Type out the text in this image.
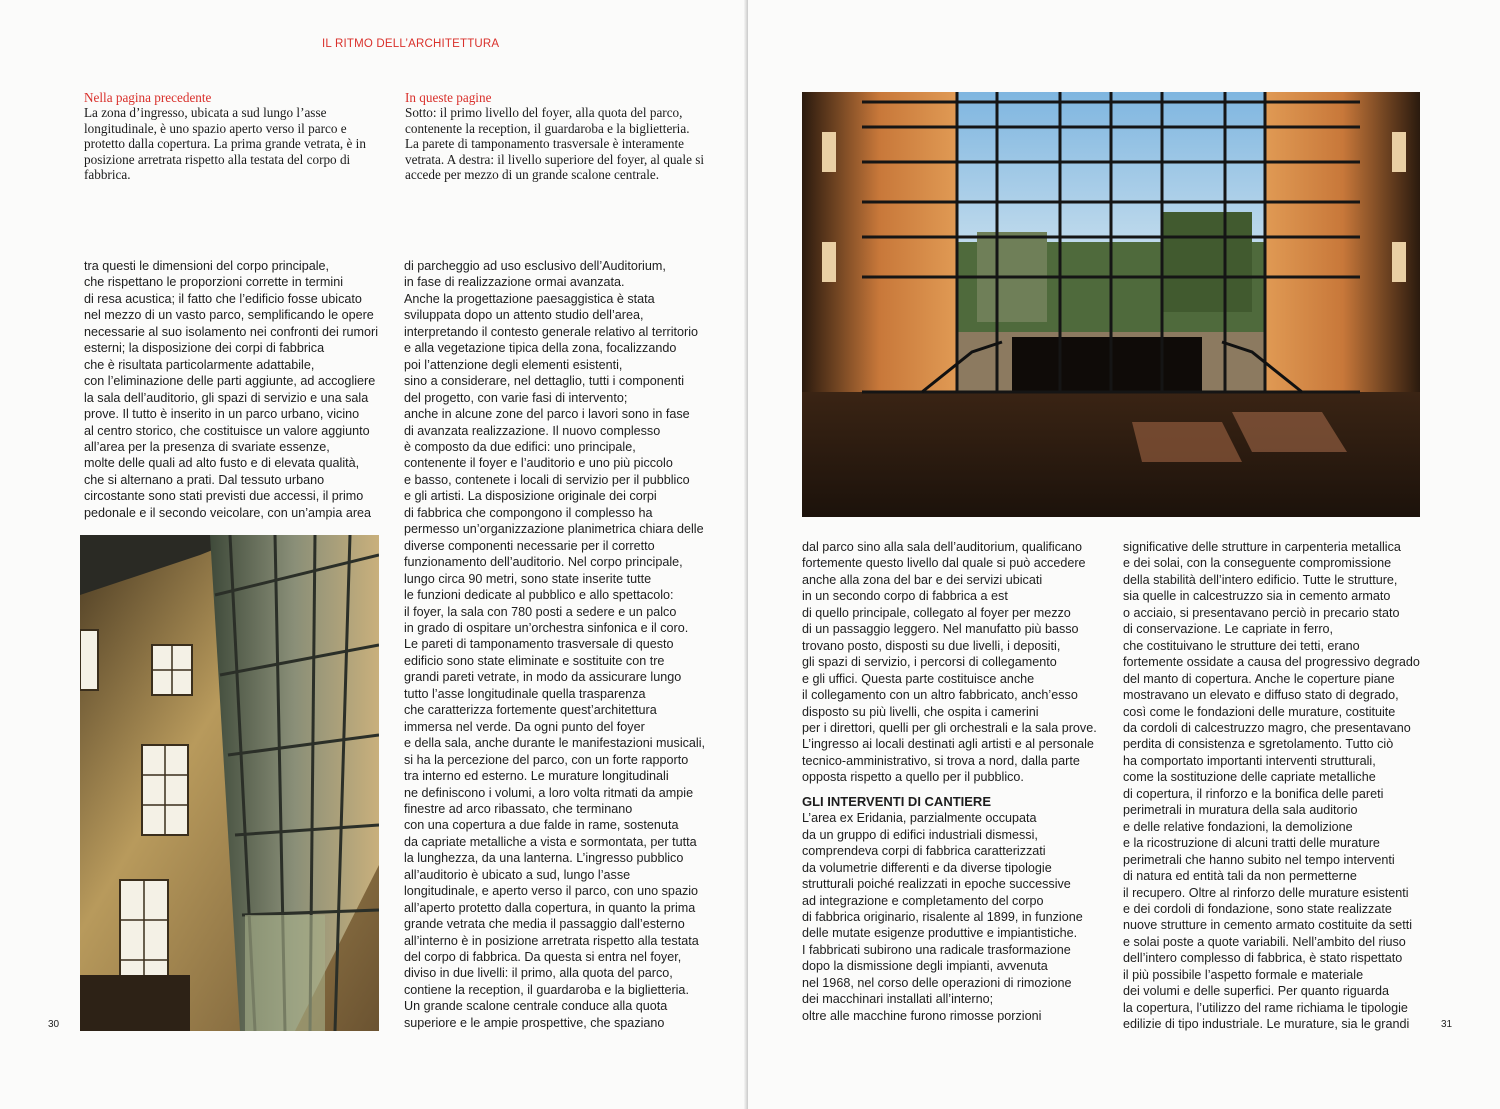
IL RITMO DELL’ARCHITETTURA
Nella pagina precedente

La zona d’ingresso, ubicata a sud lungo l’asse longitudinale, è uno spazio aperto verso il parco e protetto dalla copertura. La prima grande vetrata, è in posizione arretrata rispetto alla testata del corpo di fabbrica.

In queste pagine

Sotto: il primo livello del foyer, alla quota del parco, contenente la reception, il guardaroba e la biglietteria. La parete di tamponamento trasversale è interamente vetrata. A destra: il livello superiore del foyer, al quale si accede per mezzo di un grande scalone centrale.

tra questi le dimensioni del corpo principale,
che rispettano le proporzioni corrette in termini
di resa acustica; il fatto che l’edificio fosse ubicato
nel mezzo di un vasto parco, semplificando le opere
necessarie al suo isolamento nei confronti dei rumori
esterni; la disposizione dei corpi di fabbrica
che è risultata particolarmente adattabile,
con l’eliminazione delle parti aggiunte, ad accogliere
la sala dell’auditorio, gli spazi di servizio e una sala
prove. Il tutto è inserito in un parco urbano, vicino
al centro storico, che costituisce un valore aggiunto
all’area per la presenza di svariate essenze,
molte delle quali ad alto fusto e di elevata qualità,
che si alternano a prati. Dal tessuto urbano
circostante sono stati previsti due accessi, il primo
pedonale e il secondo veicolare, con un’ampia area
di parcheggio ad uso esclusivo dell’Auditorium,
in fase di realizzazione ormai avanzata.
Anche la progettazione paesaggistica è stata
sviluppata dopo un attento studio dell’area,
interpretando il contesto generale relativo al territorio
e alla vegetazione tipica della zona, focalizzando
poi l’attenzione degli elementi esistenti,
sino a considerare, nel dettaglio, tutti i componenti
del progetto, con varie fasi di intervento;
anche in alcune zone del parco i lavori sono in fase
di avanzata realizzazione. Il nuovo complesso
è composto da due edifici: uno principale,
contenente il foyer e l’auditorio e uno più piccolo
e basso, contenete i locali di servizio per il pubblico
e gli artisti. La disposizione originale dei corpi
di fabbrica che compongono il complesso ha
permesso un’organizzazione planimetrica chiara delle
diverse componenti necessarie per il corretto
funzionamento dell’auditorio. Nel corpo principale,
lungo circa 90 metri, sono state inserite tutte
le funzioni dedicate al pubblico e allo spettacolo:
il foyer, la sala con 780 posti a sedere e un palco
in grado di ospitare un’orchestra sinfonica e il coro.
Le pareti di tamponamento trasversale di questo
edificio sono state eliminate e sostituite con tre
grandi pareti vetrate, in modo da assicurare lungo
tutto l’asse longitudinale quella trasparenza
che caratterizza fortemente quest’architettura
immersa nel verde. Da ogni punto del foyer
e della sala, anche durante le manifestazioni musicali,
si ha la percezione del parco, con un forte rapporto
tra interno ed esterno. Le murature longitudinali
ne definiscono i volumi, a loro volta ritmati da ampie
finestre ad arco ribassato, che terminano
con una copertura a due falde in rame, sostenuta
da capriate metalliche a vista e sormontata, per tutta
la lunghezza, da una lanterna. L’ingresso pubblico
all’auditorio è ubicato a sud, lungo l’asse
longitudinale, e aperto verso il parco, con uno spazio
all’aperto protetto dalla copertura, in quanto la prima
grande vetrata che media il passaggio dall’esterno
all’interno è in posizione arretrata rispetto alla testata
del corpo di fabbrica. Da questa si entra nel foyer,
diviso in due livelli: il primo, alla quota del parco,
contiene la reception, il guardaroba e la biglietteria.
Un grande scalone centrale conduce alla quota
superiore e le ampie prospettive, che spaziano
30
dal parco sino alla sala dell’auditorium, qualificano
fortemente questo livello dal quale si può accedere
anche alla zona del bar e dei servizi ubicati
in un secondo corpo di fabbrica a est
di quello principale, collegato al foyer per mezzo
di un passaggio leggero. Nel manufatto più basso
trovano posto, disposti su due livelli, i depositi,
gli spazi di servizio, i percorsi di collegamento
e gli uffici. Questa parte costituisce anche
il collegamento con un altro fabbricato, anch’esso
disposto su più livelli, che ospita i camerini
per i direttori, quelli per gli orchestrali e la sala prove.
L’ingresso ai locali destinati agli artisti e al personale
tecnico-amministrativo, si trova a nord, dalla parte
opposta rispetto a quello per il pubblico.
GLI INTERVENTI DI CANTIERE
L’area ex Eridania, parzialmente occupata
da un gruppo di edifici industriali dismessi,
comprendeva corpi di fabbrica caratterizzati
da volumetrie differenti e da diverse tipologie
strutturali poiché realizzati in epoche successive
ad integrazione e completamento del corpo
di fabbrica originario, risalente al 1899, in funzione
delle mutate esigenze produttive e impiantistiche.
I fabbricati subirono una radicale trasformazione
dopo la dismissione degli impianti, avvenuta
nel 1968, nel corso delle operazioni di rimozione
dei macchinari installati all’interno;
oltre alle macchine furono rimosse porzioni
significative delle strutture in carpenteria metallica
e dei solai, con la conseguente compromissione
della stabilità dell’intero edificio. Tutte le strutture,
sia quelle in calcestruzzo sia in cemento armato
o acciaio, si presentavano perciò in precario stato
di conservazione. Le capriate in ferro,
che costituivano le strutture dei tetti, erano
fortemente ossidate a causa del progressivo degrado
del manto di copertura. Anche le coperture piane
mostravano un elevato e diffuso stato di degrado,
così come le fondazioni delle murature, costituite
da cordoli di calcestruzzo magro, che presentavano
perdita di consistenza e sgretolamento. Tutto ciò
ha comportato importanti interventi strutturali,
come la sostituzione delle capriate metalliche
di copertura, il rinforzo e la bonifica delle pareti
perimetrali in muratura della sala auditorio
e delle relative fondazioni, la demolizione
e la ricostruzione di alcuni tratti delle murature
perimetrali che hanno subito nel tempo interventi
di natura ed entità tali da non permetterne
il recupero. Oltre al rinforzo delle murature esistenti
e dei cordoli di fondazione, sono state realizzate
nuove strutture in cemento armato costituite da setti
e solai poste a quote variabili. Nell’ambito del riuso
dell’intero complesso di fabbrica, è stato rispettato
il più possibile l’aspetto formale e materiale
dei volumi e delle superfici. Per quanto riguarda
la copertura, l’utilizzo del rame richiama le tipologie
edilizie di tipo industriale. Le murature, sia le grandi	31
